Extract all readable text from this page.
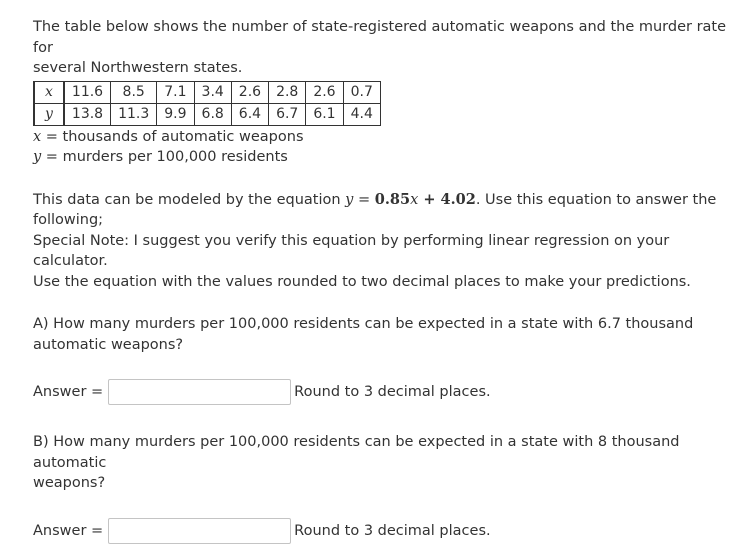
The table below shows the number of state-registered automatic weapons and the murder rate for
several Northwestern states.

x	11.6	8.5	7.1	3.4	2.6	2.8	2.6	0.7
y	13.8	11.3	9.9	6.8	6.4	6.7	6.1	4.4

x = thousands of automatic weapons
y = murders per 100,000 residents

This data can be modeled by the equation y = 0.85x + 4.02. Use this equation to answer the
following;
Special Note: I suggest you verify this equation by performing linear regression on your calculator.
Use the equation with the values rounded to two decimal places to make your predictions.

A) How many murders per 100,000 residents can be expected in a state with 6.7 thousand
automatic weapons?

Answer =	Round to 3 decimal places.

B) How many murders per 100,000 residents can be expected in a state with 8 thousand automatic
weapons?

Answer =	Round to 3 decimal places.
